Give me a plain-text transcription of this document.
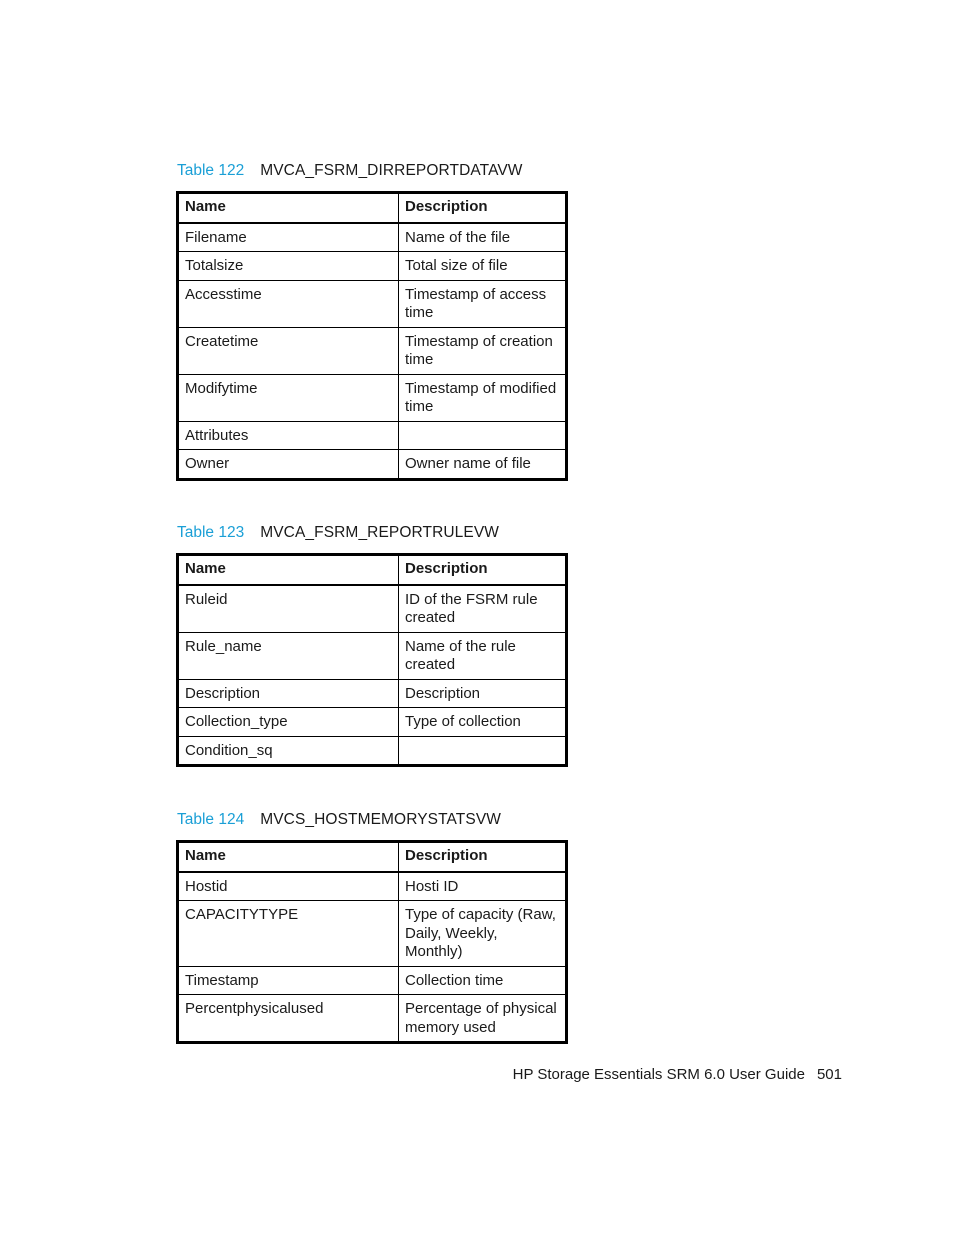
Table 122 MVCA_FSRM_DIRREPORTDATAVW
Name	Description
Filename	Name of the file
Totalsize	Total size of file
Accesstime	Timestamp of access time
Createtime	Timestamp of creation time
Modifytime	Timestamp of modified time
Attributes	
Owner	Owner name of file
Table 123 MVCA_FSRM_REPORTRULEVW
Name	Description
Ruleid	ID of the FSRM rule created
Rule_name	Name of the rule created
Description	Description
Collection_type	Type of collection
Condition_sq	
Table 124 MVCS_HOSTMEMORYSTATSVW
Name	Description
Hostid	Hosti ID
CAPACITYTYPE	Type of capacity (Raw, Daily, Weekly, Monthly)
Timestamp	Collection time
Percentphysicalused	Percentage of physical memory used
HP Storage Essentials SRM 6.0 User Guide 501
